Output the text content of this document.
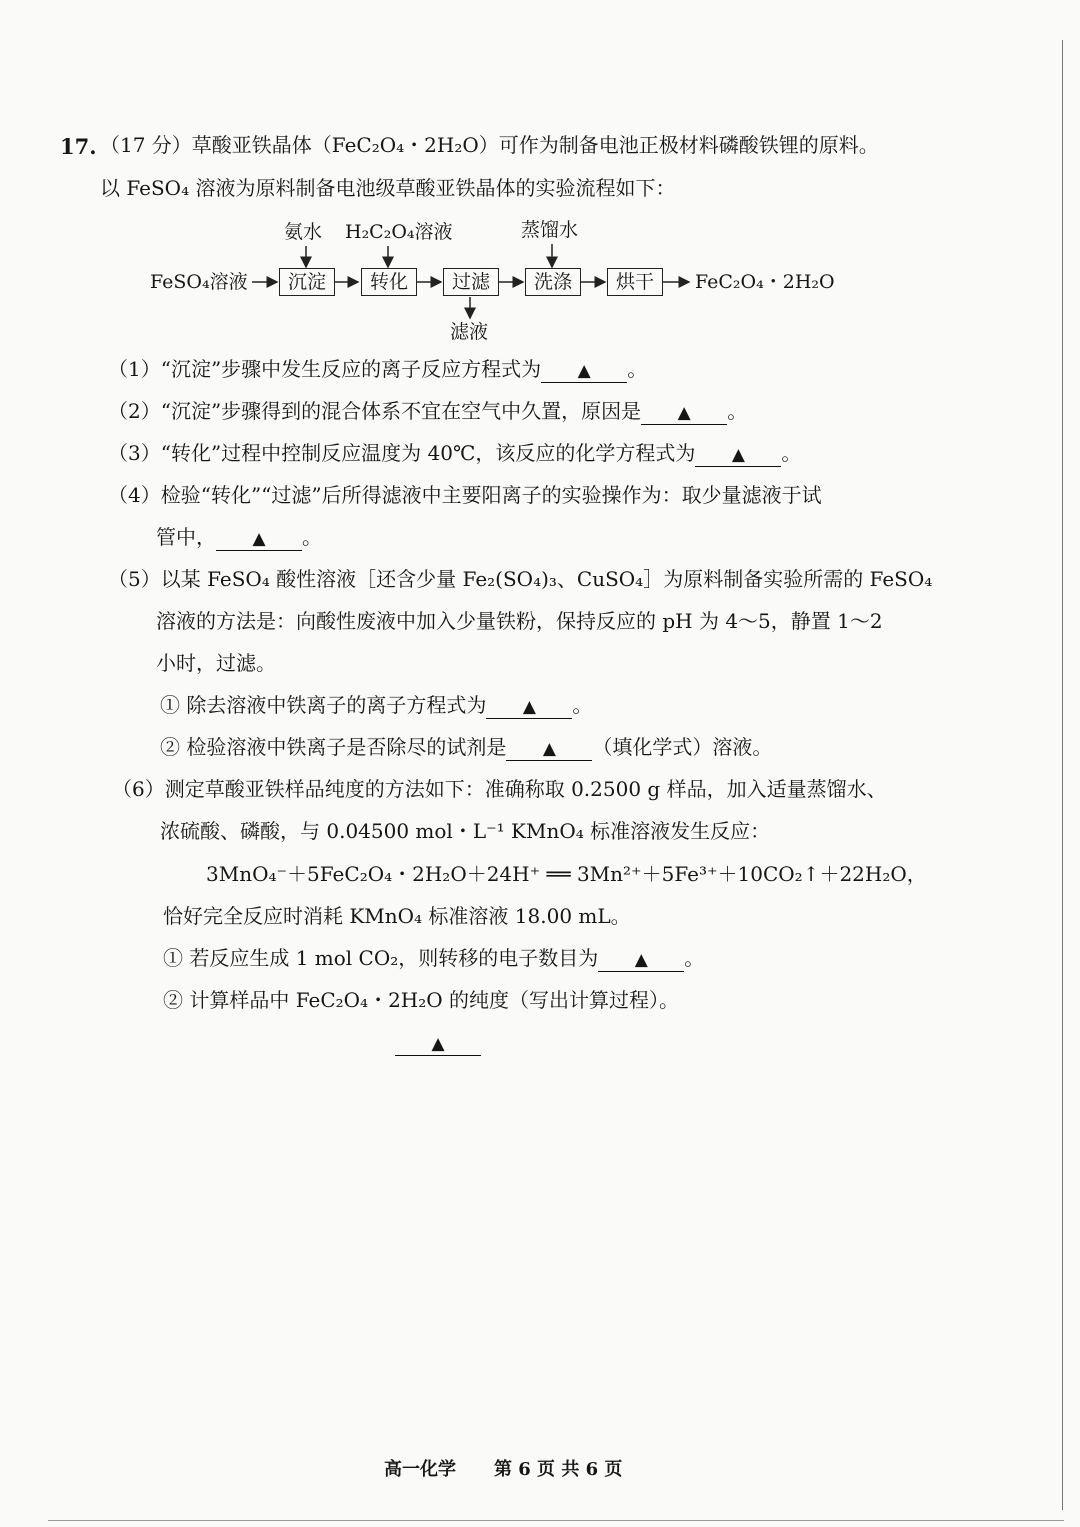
17. （17 分）草酸亚铁晶体（FeC₂O₄・2H₂O）可作为制备电池正极材料磷酸铁锂的原料。
以 FeSO₄ 溶液为原料制备电池级草酸亚铁晶体的实验流程如下：
FeSO₄溶液	沉淀	转化	过滤	洗涤	烘干	FeC₂O₄・2H₂O
氨水 H₂C₂O₄溶液	蒸馏水
滤液
（1）“沉淀”步骤中发生反应的离子反应方程式为 ▲ 。
（2）“沉淀”步骤得到的混合体系不宜在空气中久置，原因是 ▲ 。
（3）“转化”过程中控制反应温度为 40℃，该反应的化学方程式为 ▲ 。
（4）检验“转化”“过滤”后所得滤液中主要阳离子的实验操作为：取少量滤液于试
管中， ▲ 。
（5）以某 FeSO₄ 酸性溶液［还含少量 Fe₂(SO₄)₃、CuSO₄］为原料制备实验所需的 FeSO₄
溶液的方法是：向酸性废液中加入少量铁粉，保持反应的 pH 为 4～5，静置 1～2
小时，过滤。
① 除去溶液中铁离子的离子方程式为 ▲ 。
② 检验溶液中铁离子是否除尽的试剂是 ▲ （填化学式）溶液。
（6）测定草酸亚铁样品纯度的方法如下：准确称取 0.2500 g 样品，加入适量蒸馏水、
浓硫酸、磷酸，与 0.04500 mol・L⁻¹ KMnO₄ 标准溶液发生反应：
3MnO₄⁻＋5FeC₂O₄・2H₂O＋24H⁺ ══ 3Mn²⁺＋5Fe³⁺＋10CO₂↑＋22H₂O，
恰好完全反应时消耗 KMnO₄ 标准溶液 18.00 mL。
① 若反应生成 1 mol CO₂，则转移的电子数目为 ▲ 。
② 计算样品中 FeC₂O₄・2H₂O 的纯度（写出计算过程）。
▲
高一化学 第 6 页 共 6 页
